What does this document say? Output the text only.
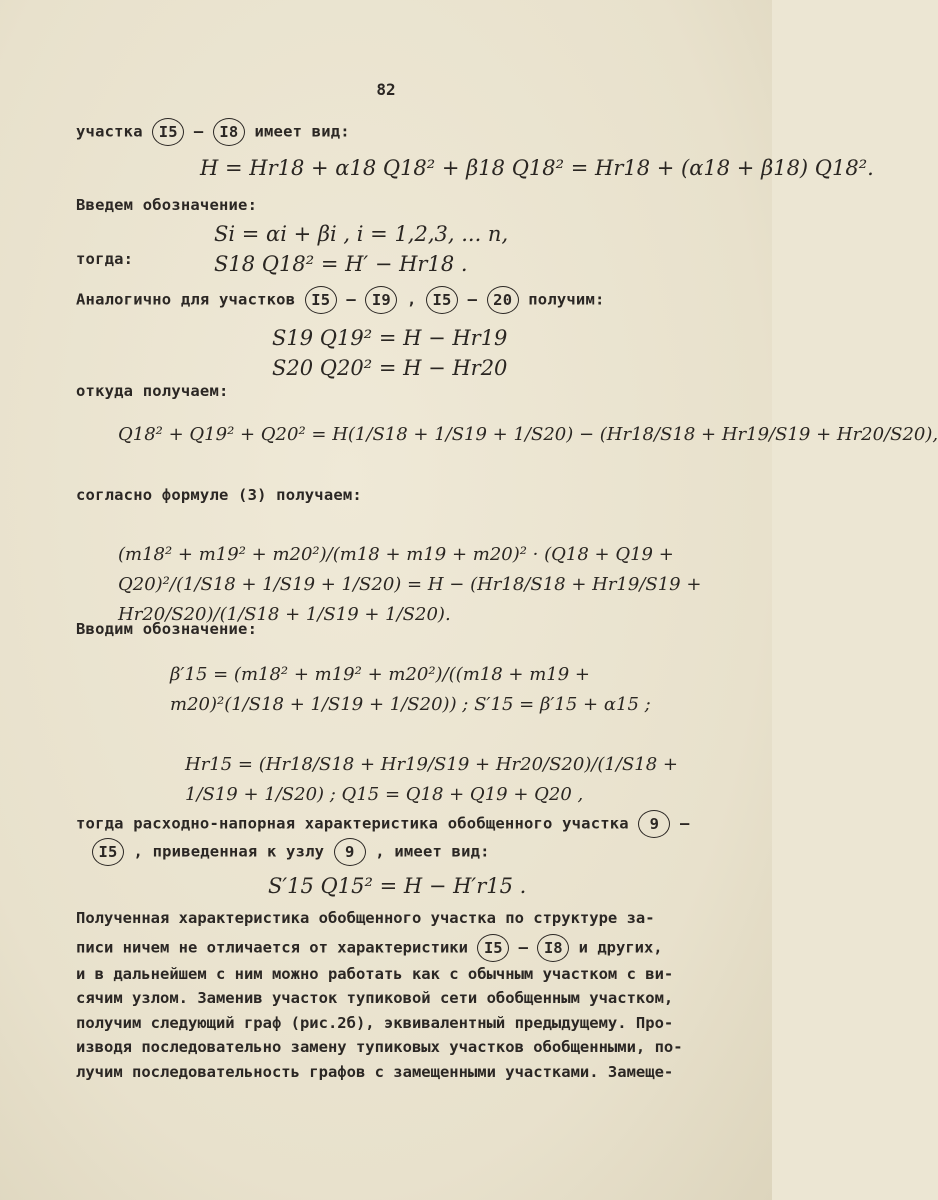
82
участка I5 – I8 имеет вид:
H = Hr18 + α18 Q18² + β18 Q18² = Hr18 + (α18 + β18) Q18².
Введем обозначение:
Si = αi + βi , i = 1,2,3, ... n,
тогда:	S18 Q18² = H′ − Hr18 .
Аналогично для участков I5 – I9 , I5 – 20 получим:
S19 Q19² = H − Hr19
S20 Q20² = H − Hr20
откуда получаем:
Q18² + Q19² + Q20² = H(1/S18 + 1/S19 + 1/S20) − (Hr18/S18 + Hr19/S19 + Hr20/S20),
согласно формуле (3) получаем:
(m18² + m19² + m20²)/(m18 + m19 + m20)² · (Q18 + Q19 + Q20)²/(1/S18 + 1/S19 + 1/S20) = H − (Hr18/S18 + Hr19/S19 + Hr20/S20)/(1/S18 + 1/S19 + 1/S20).
Вводим обозначение:
β′15 = (m18² + m19² + m20²)/((m18 + m19 + m20)²(1/S18 + 1/S19 + 1/S20)) ; S′15 = β′15 + α15 ;
Hr15 = (Hr18/S18 + Hr19/S19 + Hr20/S20)/(1/S18 + 1/S19 + 1/S20) ; Q15 = Q18 + Q19 + Q20 ,
тогда расходно-напорная характеристика обобщенного участка 9 –
I5 , приведенная к узлу 9 , имеет вид:
S′15 Q15² = H − H′r15 .
Полученная характеристика обобщенного участка по структуре за-
писи ничем не отличается от характеристики I5 – I8 и других,
и в дальнейшем с ним можно работать как с обычным участком с ви-
сячим узлом. Заменив участок тупиковой сети обобщенным участком,
получим следующий граф (рис.2б), эквивалентный предыдущему. Про-
изводя последовательно замену тупиковых участков обобщенными, по-
лучим последовательность графов с замещенными участками. Замеще-
